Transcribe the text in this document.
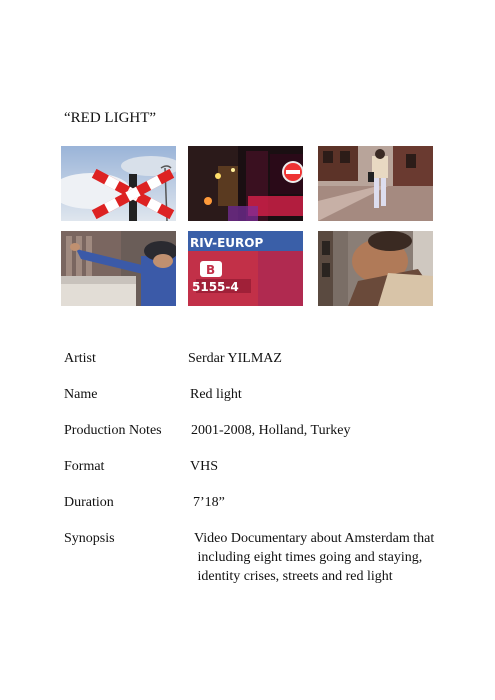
“RED LIGHT”
RIV-EUROP
B
5155-4
Artist	Serdar YILMAZ
Name	Red light
Production Notes 2001-2008, Holland, Turkey
Format	VHS
Duration	7’18”
Synopsis	Video Documentary about Amsterdam that
including eight times going and staying,
identity crises, streets and red light
